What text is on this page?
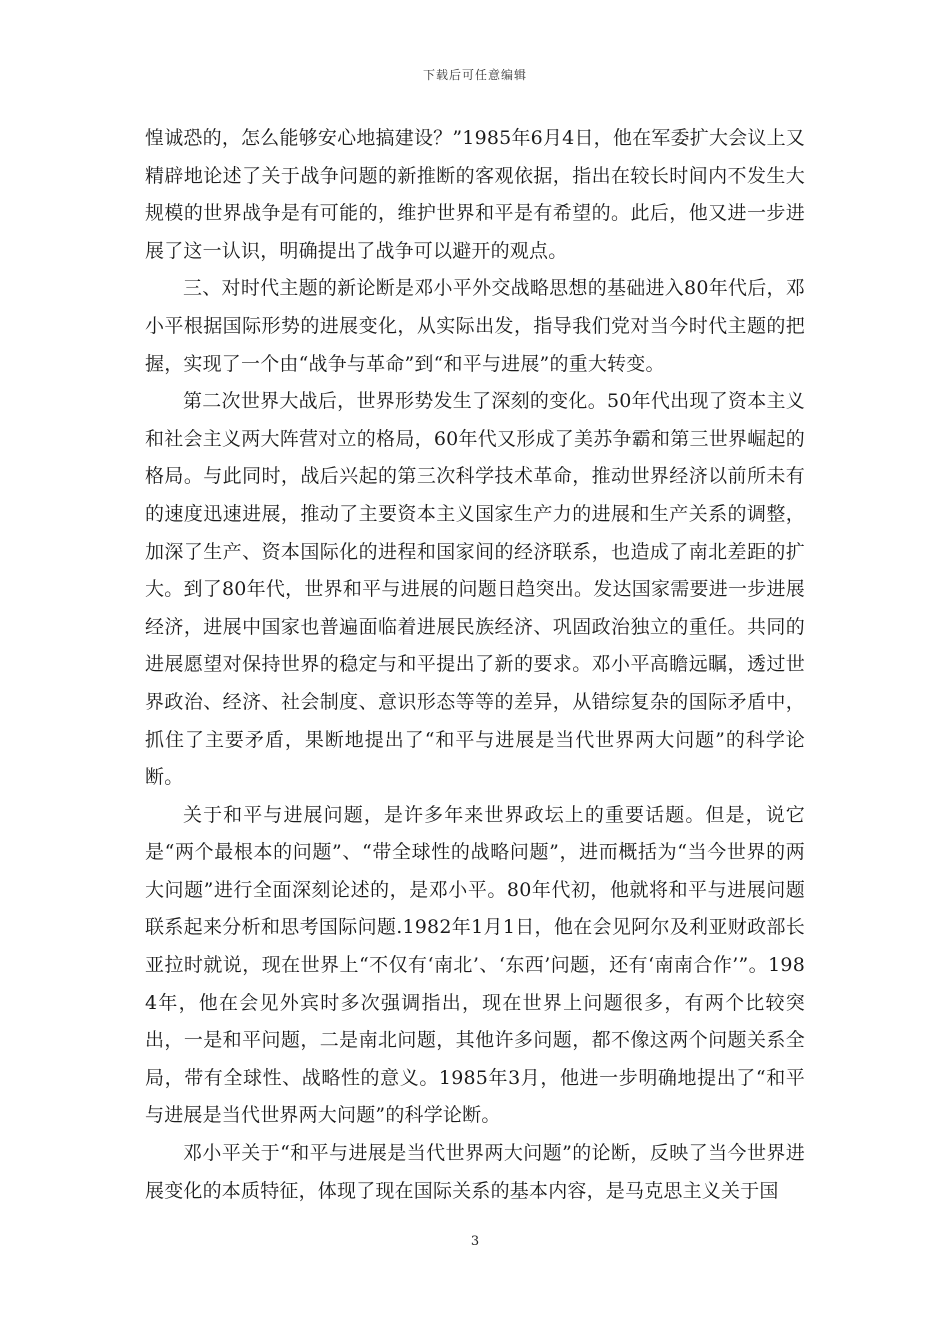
下载后可任意编辑

惶诚恐的，怎么能够安心地搞建设？”1985年6月4日，他在军委扩大会议上又精辟地论述了关于战争问题的新推断的客观依据，指出在较长时间内不发生大规模的世界战争是有可能的，维护世界和平是有希望的。此后，他又进一步进展了这一认识，明确提出了战争可以避开的观点。

三、对时代主题的新论断是邓小平外交战略思想的基础进入80年代后，邓小平根据国际形势的进展变化，从实际出发，指导我们党对当今时代主题的把握，实现了一个由“战争与革命”到“和平与进展”的重大转变。

第二次世界大战后，世界形势发生了深刻的变化。50年代出现了资本主义和社会主义两大阵营对立的格局，60年代又形成了美苏争霸和第三世界崛起的格局。与此同时，战后兴起的第三次科学技术革命，推动世界经济以前所未有的速度迅速进展，推动了主要资本主义国家生产力的进展和生产关系的调整，加深了生产、资本国际化的进程和国家间的经济联系，也造成了南北差距的扩大。到了80年代，世界和平与进展的问题日趋突出。发达国家需要进一步进展经济，进展中国家也普遍面临着进展民族经济、巩固政治独立的重任。共同的进展愿望对保持世界的稳定与和平提出了新的要求。邓小平高瞻远瞩，透过世界政治、经济、社会制度、意识形态等等的差异，从错综复杂的国际矛盾中，抓住了主要矛盾，果断地提出了“和平与进展是当代世界两大问题”的科学论断。

关于和平与进展问题，是许多年来世界政坛上的重要话题。但是，说它是“两个最根本的问题”、“带全球性的战略问题”，进而概括为“当今世界的两大问题”进行全面深刻论述的，是邓小平。80年代初，他就将和平与进展问题联系起来分析和思考国际问题.1982年1月1日，他在会见阿尔及利亚财政部长亚拉时就说，现在世界上“不仅有‘南北’、‘东西’问题，还有‘南南合作’”。1984年，他在会见外宾时多次强调指出，现在世界上问题很多，有两个比较突出，一是和平问题，二是南北问题，其他许多问题，都不像这两个问题关系全局，带有全球性、战略性的意义。1985年3月，他进一步明确地提出了“和平与进展是当代世界两大问题”的科学论断。

邓小平关于“和平与进展是当代世界两大问题”的论断，反映了当今世界进展变化的本质特征，体现了现在国际关系的基本内容，是马克思主义关于国

3
